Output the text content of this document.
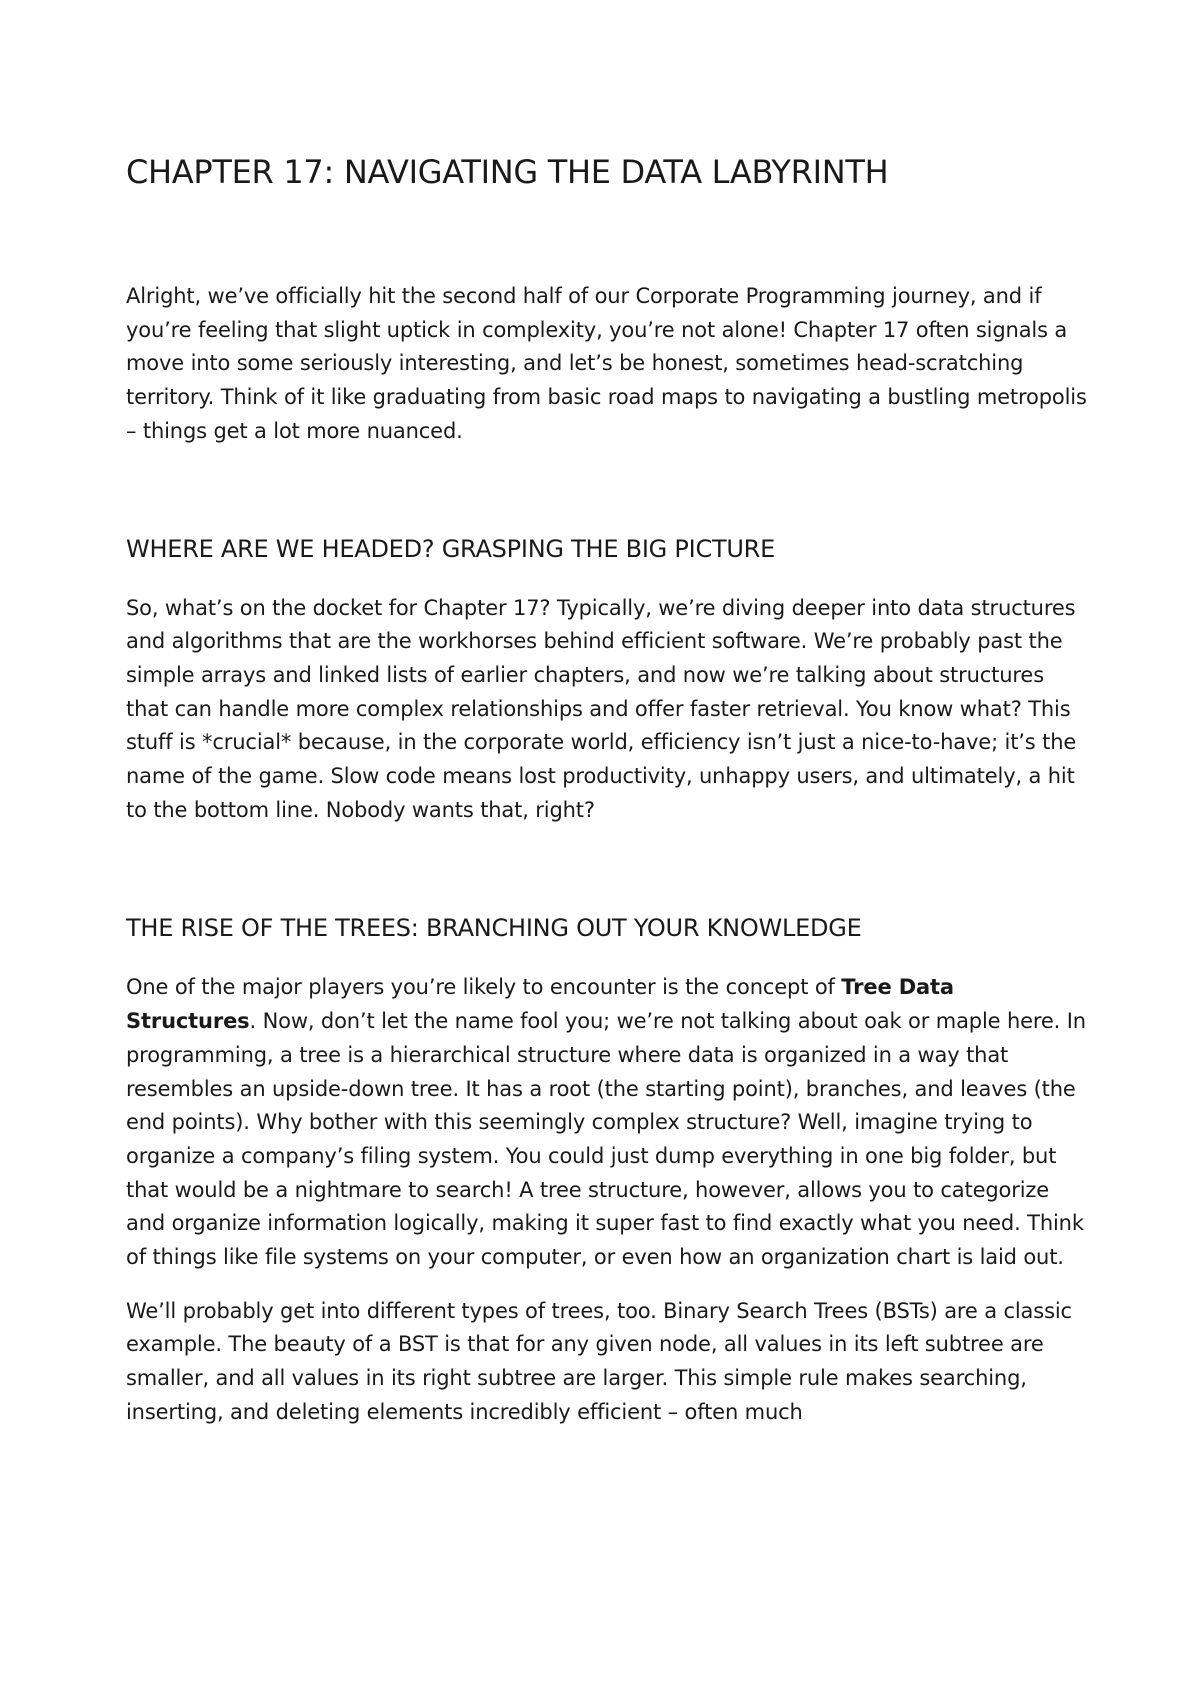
CHAPTER 17: NAVIGATING THE DATA LABYRINTH

Alright, we’ve officially hit the second half of our Corporate Programming journey, and if you’re feeling that slight uptick in complexity, you’re not alone! Chapter 17 often signals a move into some seriously interesting, and let’s be honest, sometimes head-scratching territory. Think of it like graduating from basic road maps to navigating a bustling metropolis – things get a lot more nuanced.

WHERE ARE WE HEADED? GRASPING THE BIG PICTURE

So, what’s on the docket for Chapter 17? Typically, we’re diving deeper into data structures and algorithms that are the workhorses behind efficient software. We’re probably past the simple arrays and linked lists of earlier chapters, and now we’re talking about structures that can handle more complex relationships and offer faster retrieval. You know what? This stuff is *crucial* because, in the corporate world, efficiency isn’t just a nice-to-have; it’s the name of the game. Slow code means lost productivity, unhappy users, and ultimately, a hit to the bottom line. Nobody wants that, right?

THE RISE OF THE TREES: BRANCHING OUT YOUR KNOWLEDGE

One of the major players you’re likely to encounter is the concept of Tree Data Structures. Now, don’t let the name fool you; we’re not talking about oak or maple here. In programming, a tree is a hierarchical structure where data is organized in a way that resembles an upside-down tree. It has a root (the starting point), branches, and leaves (the end points). Why bother with this seemingly complex structure? Well, imagine trying to organize a company’s filing system. You could just dump everything in one big folder, but that would be a nightmare to search! A tree structure, however, allows you to categorize and organize information logically, making it super fast to find exactly what you need. Think of things like file systems on your computer, or even how an organization chart is laid out.

We’ll probably get into different types of trees, too. Binary Search Trees (BSTs) are a classic example. The beauty of a BST is that for any given node, all values in its left subtree are smaller, and all values in its right subtree are larger. This simple rule makes searching, inserting, and deleting elements incredibly efficient – often much
